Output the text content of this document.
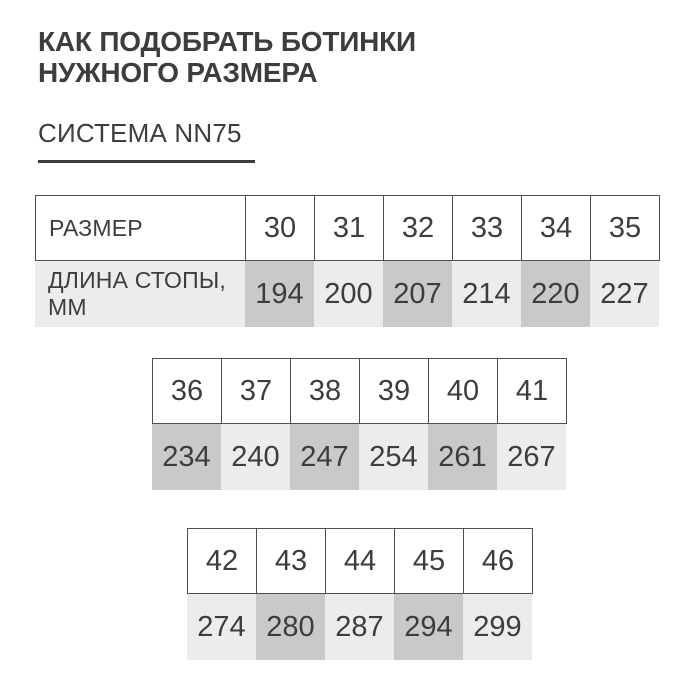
КАК ПОДОБРАТЬ БОТИНКИ
НУЖНОГО РАЗМЕРА
СИСТЕМА NN75
РАЗМЕР	30	31	32	33	34	35
ДЛИНА СТОПЫ, ММ	194 200 207 214 220 227
36	37	38	39	40	41
234 240 247 254 261 267
42	43	44	45	46
274 280 287 294 299
